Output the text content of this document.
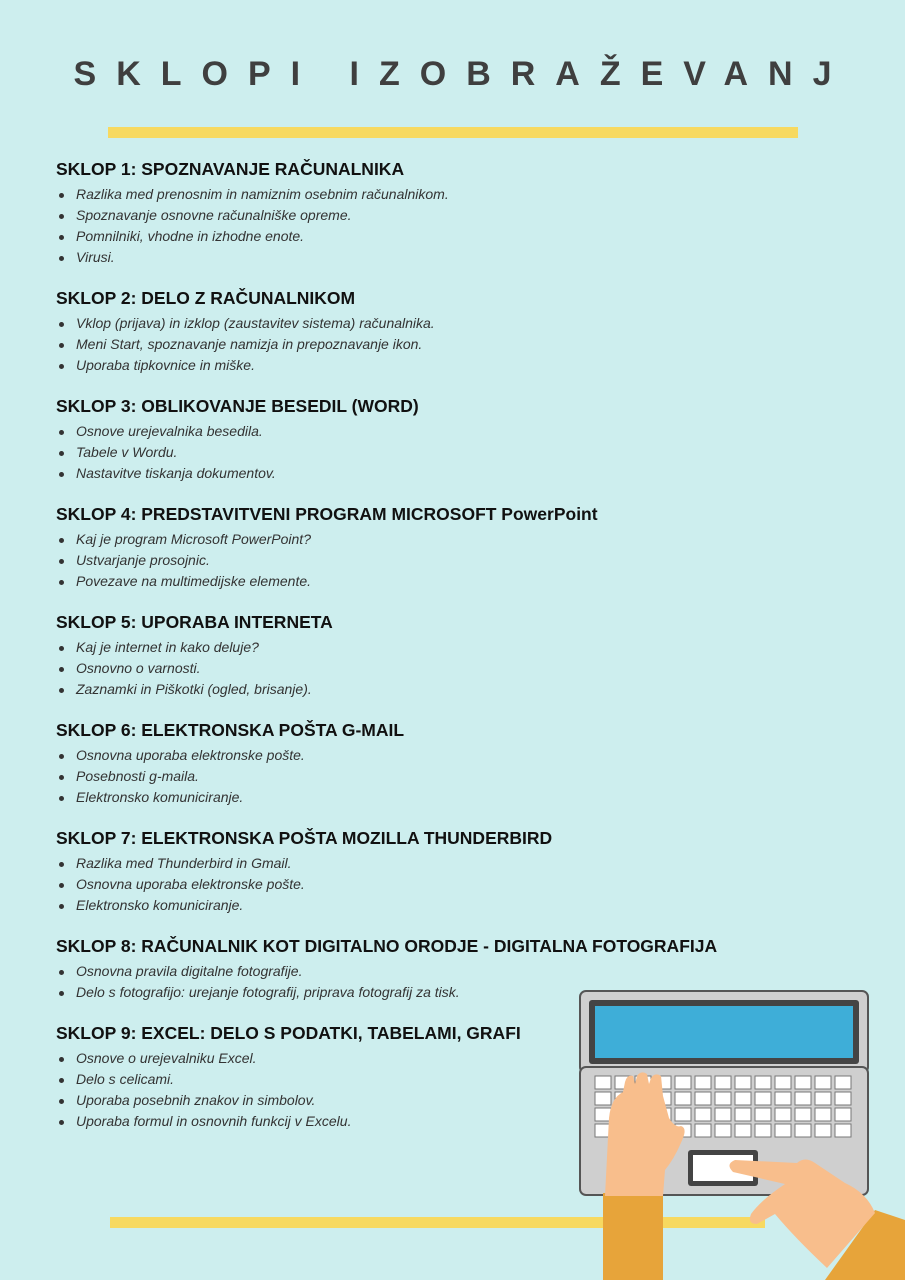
SKLOPI IZOBRAŽEVANJ
SKLOP 1: SPOZNAVANJE RAČUNALNIKA
Razlika med prenosnim in namiznim osebnim računalnikom.
Spoznavanje osnovne računalniške opreme.
Pomnilniki, vhodne in izhodne enote.
Virusi.
SKLOP 2: DELO Z RAČUNALNIKOM
Vklop (prijava) in izklop (zaustavitev sistema) računalnika.
Meni Start, spoznavanje namizja in prepoznavanje ikon.
Uporaba tipkovnice in miške.
SKLOP 3: OBLIKOVANJE BESEDIL (WORD)
Osnove urejevalnika besedila.
Tabele v Wordu.
Nastavitve tiskanja dokumentov.
SKLOP 4: PREDSTAVITVENI PROGRAM MICROSOFT PowerPoint
Kaj je program Microsoft PowerPoint?
Ustvarjanje prosojnic.
Povezave na multimedijske elemente.
SKLOP 5: UPORABA INTERNETA
Kaj je internet in kako deluje?
Osnovno o varnosti.
Zaznamki in Piškotki (ogled, brisanje).
SKLOP 6: ELEKTRONSKA POŠTA G-MAIL
Osnovna uporaba elektronske pošte.
Posebnosti g-maila.
Elektronsko komuniciranje.
SKLOP 7: ELEKTRONSKA POŠTA MOZILLA THUNDERBIRD
Razlika med Thunderbird in Gmail.
Osnovna uporaba elektronske pošte.
Elektronsko komuniciranje.
SKLOP 8: RAČUNALNIK KOT DIGITALNO ORODJE - DIGITALNA FOTOGRAFIJA
Osnovna pravila digitalne fotografije.
Delo s fotografijo: urejanje fotografij, priprava fotografij za tisk.
SKLOP 9: EXCEL: DELO S PODATKI, TABELAMI, GRAFI
Osnove o urejevalniku Excel.
Delo s celicami.
Uporaba posebnih znakov in simbolov.
Uporaba formul in osnovnih funkcij v Excelu.
